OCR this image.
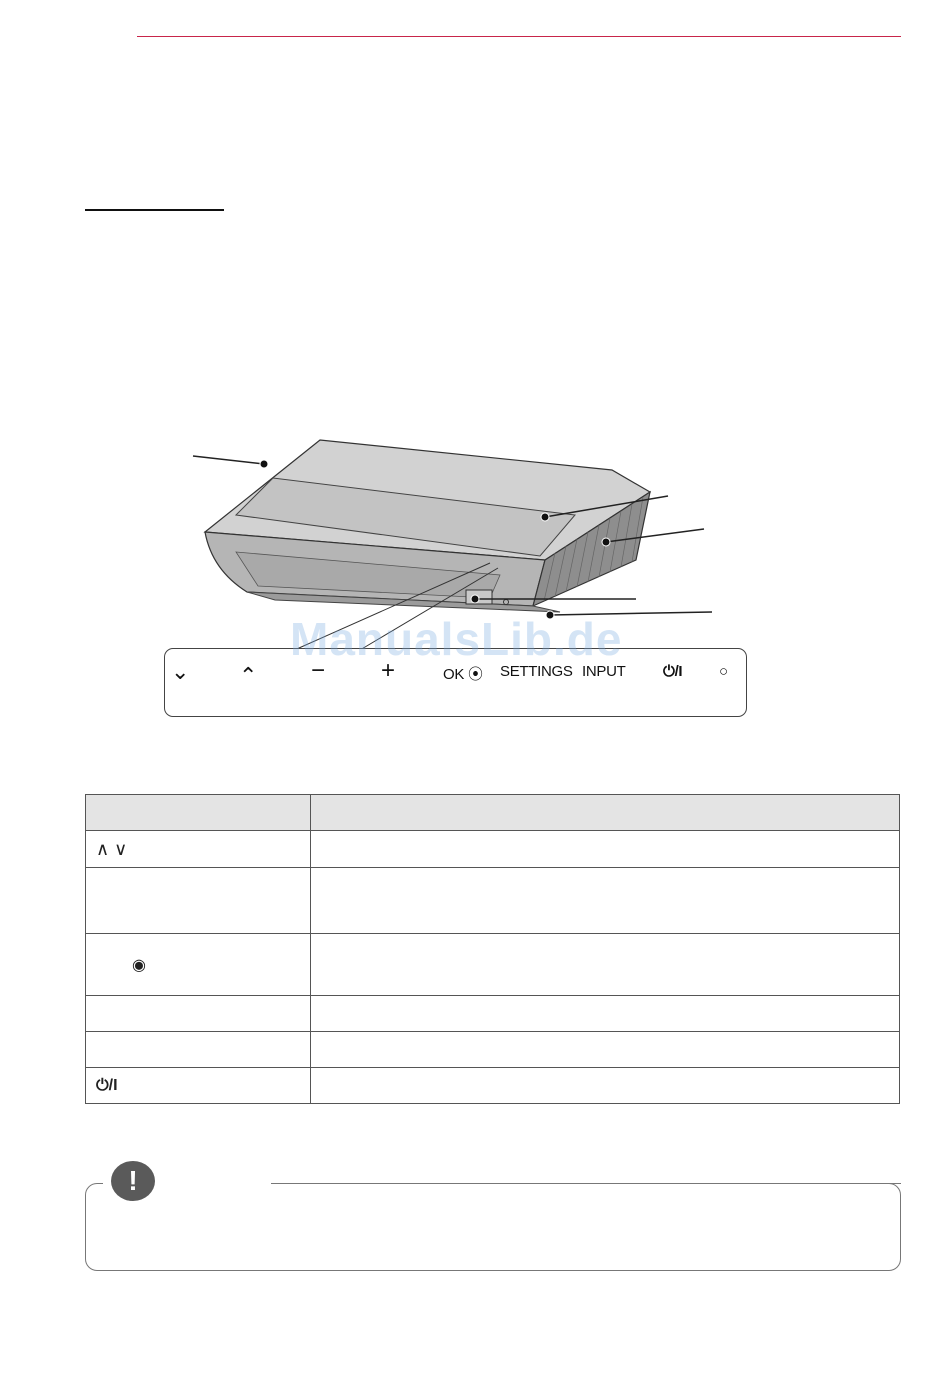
⌄ ⌃ − +	OK ⦿ SETTINGS INPUT ⏻/I ○
ManualsLib.de

∧ ∨	

◉	

⏻/I	
!
